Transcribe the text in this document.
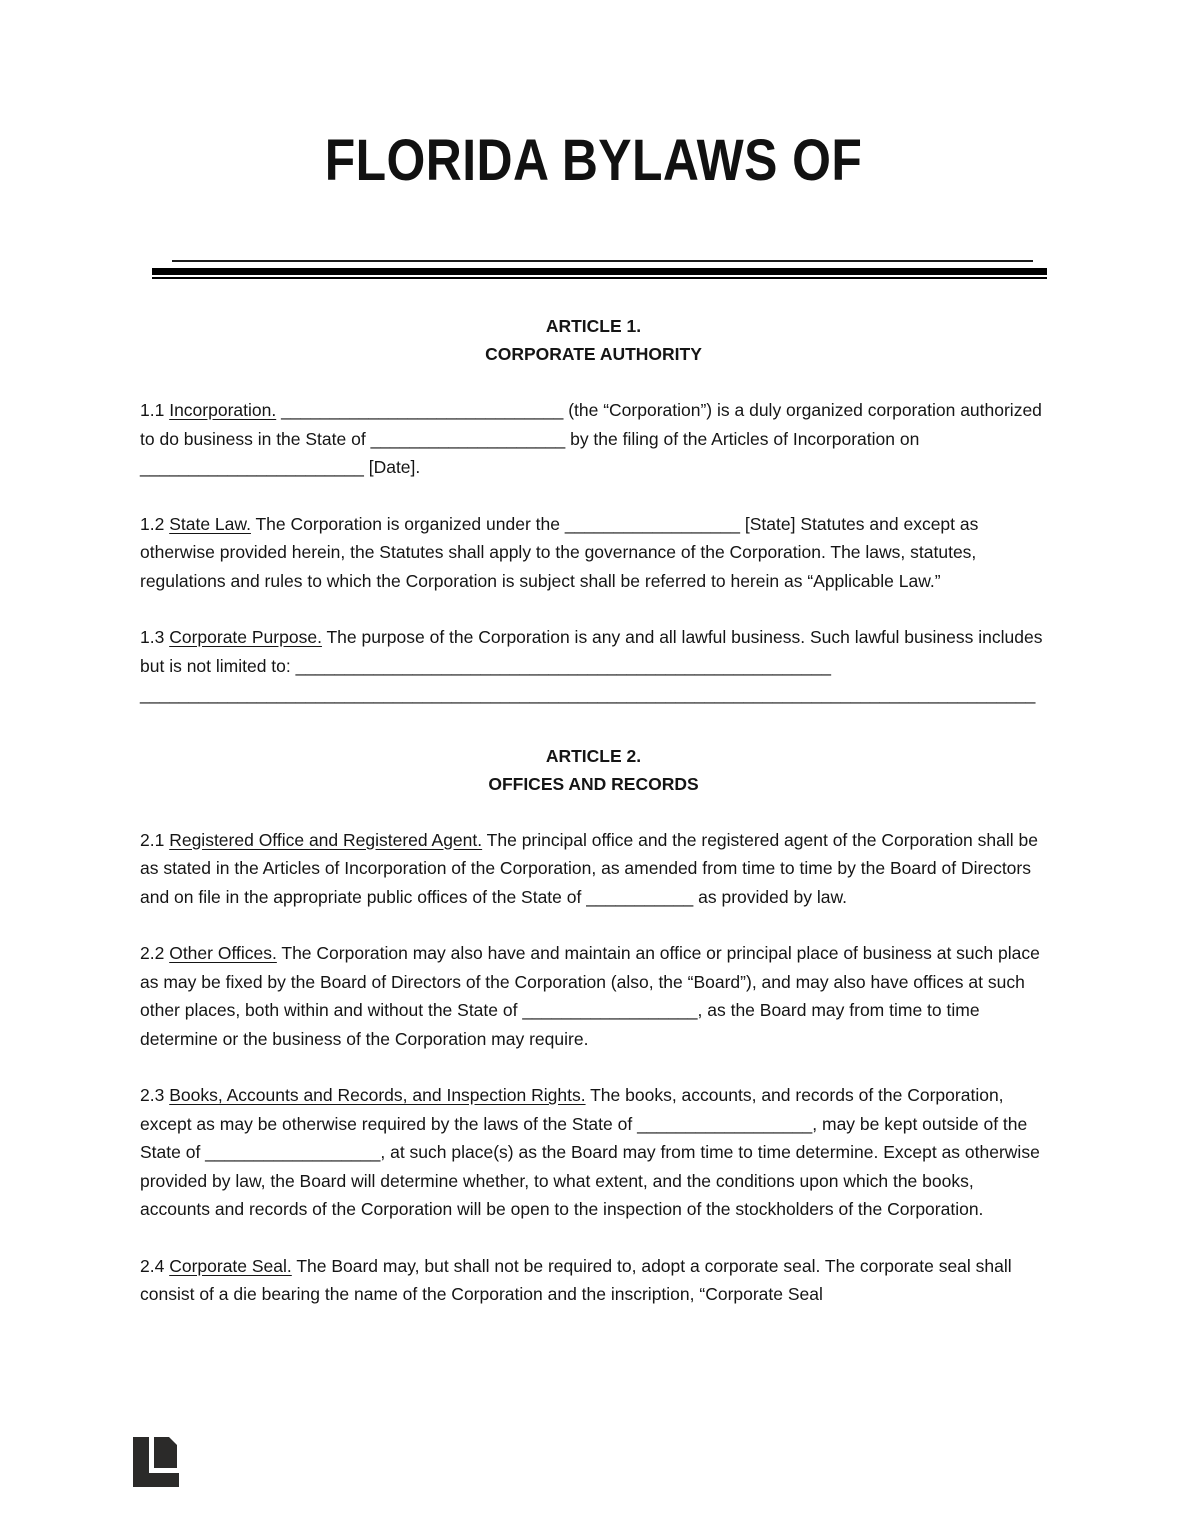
FLORIDA BYLAWS OF
ARTICLE 1.
CORPORATE AUTHORITY

1.1 Incorporation. _____________________________ (the “Corporation”) is a duly organized corporation authorized to do business in the State of ____________________ by the filing of the Articles of Incorporation on _______________________ [Date].

1.2 State Law. The Corporation is organized under the __________________ [State] Statutes and except as otherwise provided herein, the Statutes shall apply to the governance of the Corporation. The laws, statutes, regulations and rules to which the Corporation is subject shall be referred to herein as “Applicable Law.”

1.3 Corporate Purpose. The purpose of the Corporation is any and all lawful business. Such lawful business includes but is not limited to: _______________________________________________________
____________________________________________________________________________________________

ARTICLE 2.
OFFICES AND RECORDS

2.1 Registered Office and Registered Agent. The principal office and the registered agent of the Corporation shall be as stated in the Articles of Incorporation of the Corporation, as amended from time to time by the Board of Directors and on file in the appropriate public offices of the State of ___________ as provided by law.

2.2 Other Offices. The Corporation may also have and maintain an office or principal place of business at such place as may be fixed by the Board of Directors of the Corporation (also, the “Board”), and may also have offices at such other places, both within and without the State of __________________, as the Board may from time to time determine or the business of the Corporation may require.

2.3 Books, Accounts and Records, and Inspection Rights. The books, accounts, and records of the Corporation, except as may be otherwise required by the laws of the State of __________________, may be kept outside of the State of __________________, at such place(s) as the Board may from time to time determine. Except as otherwise provided by law, the Board will determine whether, to what extent, and the conditions upon which the books, accounts and records of the Corporation will be open to the inspection of the stockholders of the Corporation.

2.4 Corporate Seal. The Board may, but shall not be required to, adopt a corporate seal. The corporate seal shall consist of a die bearing the name of the Corporation and the inscription, “Corporate Seal
